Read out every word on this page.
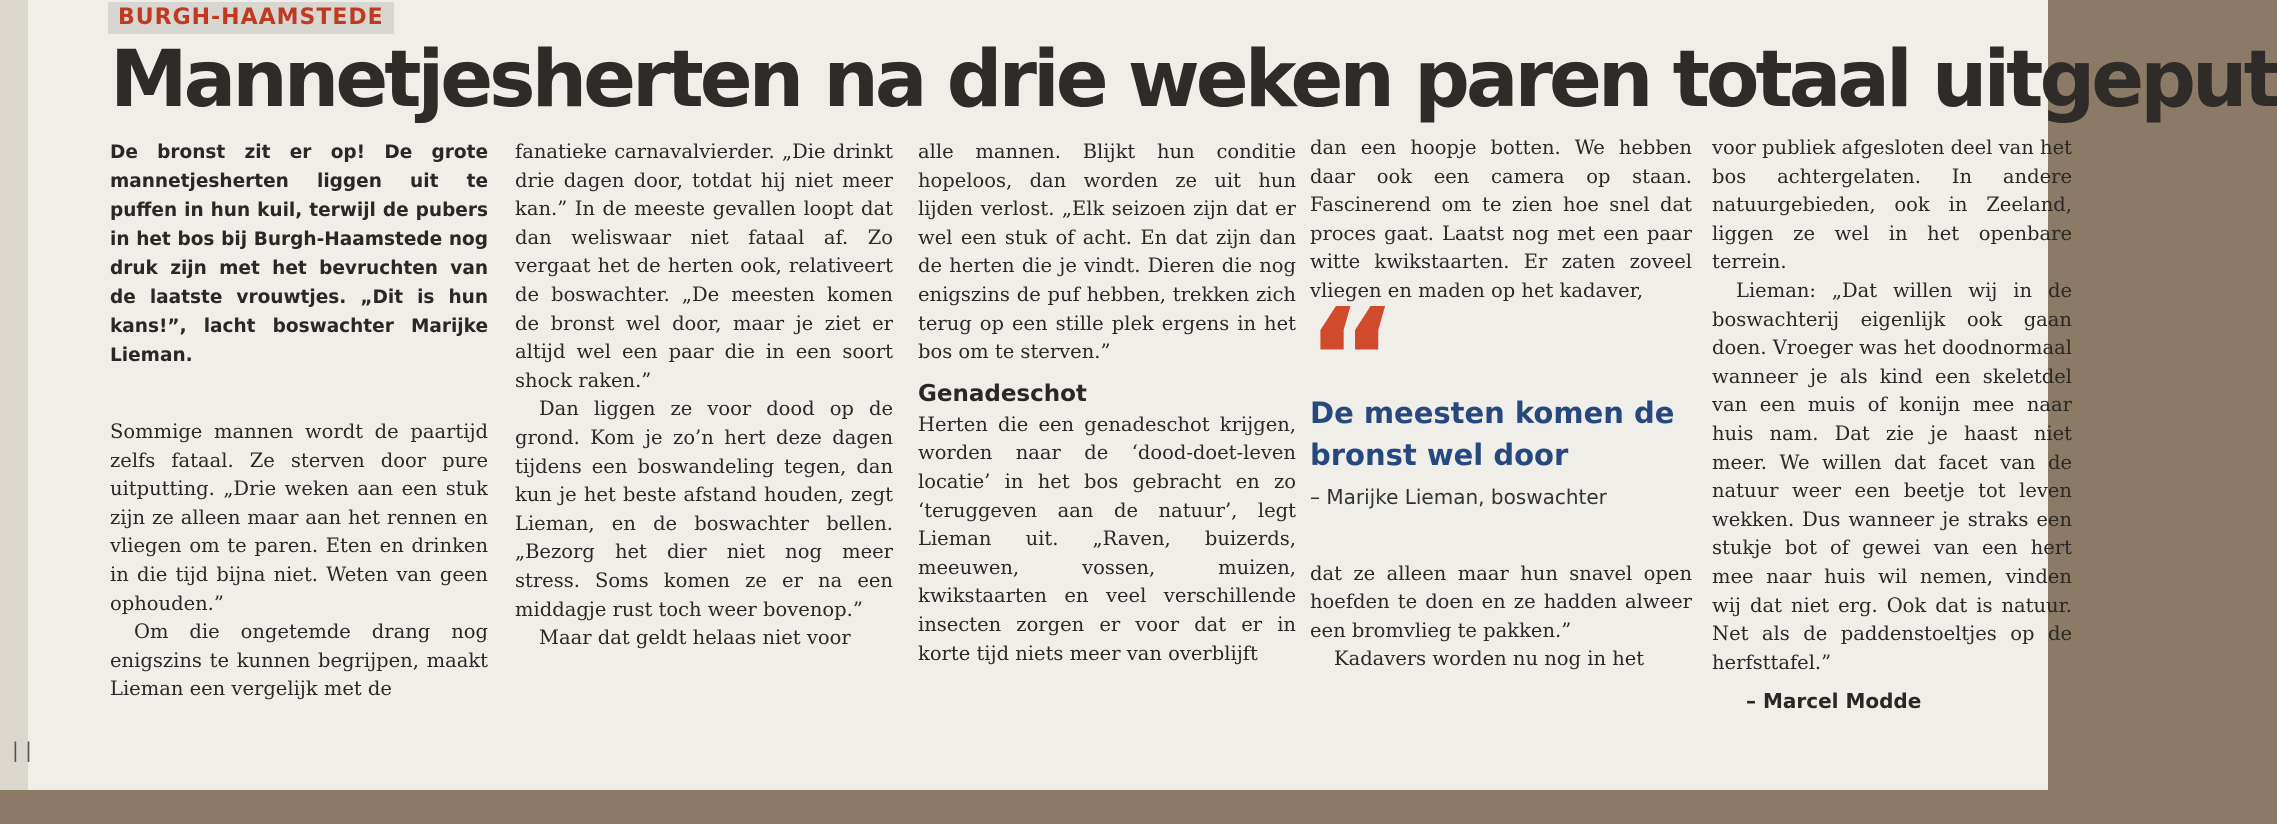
BURGH-HAAMSTEDE
Mannetjesherten na drie weken paren totaal uitgeput

De bronst zit er op! De grote mannetjesherten liggen uit te puffen in hun kuil, terwijl de pubers in het bos bij Burgh-Haamstede nog druk zijn met het bevruchten van de laatste vrouwtjes. „Dit is hun kans!”, lacht boswachter Marijke Lieman.

Sommige mannen wordt de paartijd zelfs fataal. Ze sterven door pure uitputting. „Drie weken aan een stuk zijn ze alleen maar aan het rennen en vliegen om te paren. Eten en drinken in die tijd bijna niet. Weten van geen ophouden.”

Om die ongetemde drang nog enigszins te kunnen begrijpen, maakt Lieman een vergelijk met de

fanatieke carnavalvierder. „Die drinkt drie dagen door, totdat hij niet meer kan.” In de meeste gevallen loopt dat dan weliswaar niet fataal af. Zo vergaat het de herten ook, relativeert de boswachter. „De meesten komen de bronst wel door, maar je ziet er altijd wel een paar die in een soort shock raken.”

Dan liggen ze voor dood op de grond. Kom je zo’n hert deze dagen tijdens een boswandeling tegen, dan kun je het beste afstand houden, zegt Lieman, en de boswachter bellen. „Bezorg het dier niet nog meer stress. Soms komen ze er na een middagje rust toch weer bovenop.”

Maar dat geldt helaas niet voor

alle mannen. Blijkt hun conditie hopeloos, dan worden ze uit hun lijden verlost. „Elk seizoen zijn dat er wel een stuk of acht. En dat zijn dan de herten die je vindt. Dieren die nog enigszins de puf hebben, trekken zich terug op een stille plek ergens in het bos om te sterven.”

Genadeschot

Herten die een genadeschot krijgen, worden naar de ‘dood-doet-leven locatie’ in het bos gebracht en zo ‘teruggeven aan de natuur’, legt Lieman uit. „Raven, buizerds, meeuwen, vossen, muizen, kwikstaarten en veel verschillende insecten zorgen er voor dat er in korte tijd niets meer van overblijft

dan een hoopje botten. We hebben daar ook een camera op staan. Fascinerend om te zien hoe snel dat proces gaat. Laatst nog met een paar witte kwikstaarten. Er zaten zoveel vliegen en maden op het kadaver,

“

De meesten komen de bronst wel door

– Marijke Lieman, boswachter

dat ze alleen maar hun snavel open hoefden te doen en ze hadden alweer een bromvlieg te pakken.”

Kadavers worden nu nog in het

voor publiek afgesloten deel van het bos achtergelaten. In andere natuurgebieden, ook in Zeeland, liggen ze wel in het openbare terrein.

Lieman: „Dat willen wij in de boswachterij eigenlijk ook gaan doen. Vroeger was het doodnormaal wanneer je als kind een skeletdel van een muis of konijn mee naar huis nam. Dat zie je haast niet meer. We willen dat facet van de natuur weer een beetje tot leven wekken. Dus wanneer je straks een stukje bot of gewei van een hert mee naar huis wil nemen, vinden wij dat niet erg. Ook dat is natuur. Net als de paddenstoeltjes op de herfsttafel.”

– Marcel Modde

| |
